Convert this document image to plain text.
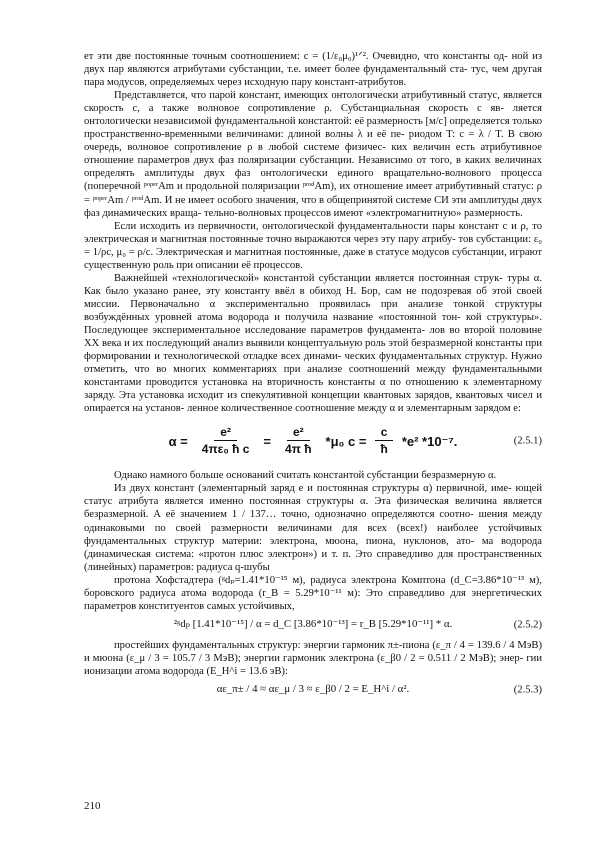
ет эти две постоянные точным соотношением: c = (1/ε₀μ₀)¹ᐟ². Очевидно, что константы од- ной из двух пар являются атрибутами субстанции, т.е. имеет более фундаментальный ста- тус, чем другая пара модусов, определяемых через исходную пару констант-атрибутов.

Представляется, что парой констант, имеющих онтологически атрибутивный статус, является скорость c, а также волновое сопротивление ρ. Субстанциальная скорость c яв- ляется онтологически независимой фундаментальной константой: её размерность [м/с] определяется только пространственно-временными величинами: длиной волны λ и её пе- риодом T: c = λ / T. В свою очередь, волновое сопротивление ρ в любой системе физичес- ких величин есть атрибутивное отношение параметров двух фаз поляризации субстанции. Независимо от того, в каких величинах определять амплитуды двух фаз онтологически единого вращательно-волнового процесса (поперечной ᵖᵒᵖᵉʳAm и продольной поляризации ᵖʳᵒᵈAm), их отношение имеет атрибутивный статус: ρ = ᵖᵒᵖᵉʳAm / ᵖʳᵒᵈAm. И не имеет особого значения, что в общепринятой системе СИ эти амплитуды двух фаз динамических враща- тельно-волновых процессов имеют «электромагнитную» размерность.

Если исходить из первичности, онтологической фундаментальности пары констант c и ρ, то электрическая и магнитная постоянные точно выражаются через эту пару атрибу- тов субстанции: ε₀ = 1/ρc, μ₀ = ρ/c. Электрическая и магнитная постоянные, даже в статусе модусов субстанции, играют существенную роль при описании её процессов.

Важнейшей «технологической» константой субстанции является постоянная струк- туры α. Как было указано ранее, эту константу ввёл в обиход Н. Бор, сам не подозревая об этой своей миссии. Первоначально α экспериментально проявилась при анализе тонкой структуры возбуждённых уровней атома водорода и получила название «постоянной тон- кой структуры». Последующее экспериментальное исследование параметров фундамента- лов во второй половине XX века и их последующий анализ выявили концептуальную роль этой безразмерной константы при формировании и технологической отладке всех динами- ческих фундаментальных структур. Нужно отметить, что во многих комментариях при анализе соотношений между фундаментальными константами проводится установка на вторичность константы α по отношению к элементарному заряду. Эта установка исходит из спекулятивной концепции квантовых зарядов, квантовых чисел и опирается на установ- ленное количественное соотношение между α и элементарным зарядом e:

$\alpha = \frac{\text{e²}}{\text{4πε₀ ħ c}} = \frac{\text{e²}}{\text{4π ħ}} *\mu_0$ $c = \frac{c}{ħ} *e^2$ *10⁻⁷.	(2.5.1)

Однако намного больше оснований считать константой субстанции безразмерную α.

Из двух констант (элементарный заряд e и постоянная структуры α) первичной, име- ющей статус атрибута является именно постоянная структуры α. Эта физическая величина является безразмерной. А её значением 1 / 137… точно, однозначно определяются соотно- шения между одинаковыми по своей размерности величинами для всех (всех!) наиболее устойчивых фундаментальных структур материи: электрона, мюона, пиона, нуклонов, ато- ма водорода (динамическая система: «протон плюс электрон») и т. п. Это справедливо для пространственных (линейных) параметров: радиуса q-шубы

протона Хофстадтера (ᵍdₚ=1.41*10⁻¹⁵ м), радиуса электрона Комптона (d_C=3.86*10⁻¹³ м), боровского радиуса атома водорода (r_B = 5.29*10⁻¹¹ м): Это справедливо для энергетических параметров конституентов самых устойчивых,

²ᵍdₚ [1.41*10⁻¹⁵] / α = d_C [3.86*10⁻¹³] = r_B [5.29*10⁻¹¹] * α.	(2.5.2)

простейших фундаментальных структур: энергии гармоник π±-пиона (ε_π / 4 = 139.6 / 4 МэВ) и мюона (ε_μ / 3 = 105.7 / 3 МэВ); энергии гармоник электрона (ε_β0 / 2 = 0.511 / 2 МэВ); энер- гии ионизации атома водорода (E_H^i = 13.6 эВ):

αε_π± / 4 ≈ αε_μ / 3 ≈ ε_β0 / 2 = E_H^i / α².	(2.5.3)
210
